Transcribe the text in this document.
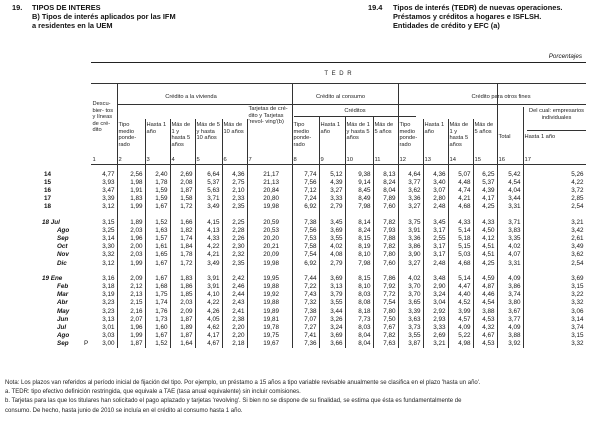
19. TIPOS DE INTERES
B) Tipos de interés aplicados por las IFM
a residentes en la UEM
19.4 Tipos de interés (TEDR) de nuevas operaciones.
Préstamos y créditos a hogares e ISFLSH.
Entidades de crédito y EFC (a)
Porcentajes
T E D R
Crédito a la vivienda	Crédito al consumo	Crédito para otros fines
Créditos	Del cual: empresarios individuales
Descu- bier- tos y líneas de cré- dito
1
Tipo medio ponde- rado
2
Hasta 1 año
3
Más de 1 y hasta 5 años
4
Más de 5 y hasta 10 años
5
Más de 10 años
6
Tarjetas de cré- dito y Tarjetas 'revol- ving'(b)
7
Tipo medio ponde- rado
8
Hasta 1 año
9
Más de 1 y hasta 5 años
10
Más de 5 años
11
Tipo medio ponde- rado
12
Hasta 1 año
13
Más de 1 y hasta 5 años
14
Más de 5 años
15
Total
16
Hasta 1 año
17
14	4,77 2,56 2,40 2,69 6,64 4,36	21,17	7,74 5,12 9,38 8,13 4,64 4,36 5,07 6,25 5,42	5,26
15	3,93 1,98 1,78 2,08 5,37 2,75	21,13	7,56 4,39 9,14 8,24 3,77 3,40 4,48 5,37 4,54	4,22
16	3,47 1,91 1,59 1,87 5,63 2,10	20,84	7,12 3,27 8,45 8,04 3,62 3,07 4,74 4,39 4,04	3,72
17	3,39 1,83 1,59 1,58 3,71 2,33	20,80	7,24 3,33 8,49 7,89 3,36 2,80 4,21 4,17 3,44	2,85
18	3,12 1,99 1,67 1,72 3,49 2,35	19,98	6,92 2,79 7,98 7,60 3,27 2,48 4,68 4,25 3,31	2,54
18 Jul	3,15 1,89 1,52 1,66 4,15 2,25	20,59	7,38 3,45 8,14 7,82 3,75 3,45 4,33 4,33 3,71	3,21
Ago	3,25 2,03 1,63 1,82 4,13 2,28	20,53	7,56 3,69 8,24 7,93 3,91 3,17 5,14 4,50 3,83	3,42
Sep	3,14 1,96 1,57 1,74 4,33 2,26	20,20	7,53 3,55 8,15 7,88 3,36 2,55 5,18 4,12 3,35	2,61
Oct	3,30 2,00 1,61 1,84 4,22 2,30	20,21	7,58 4,02 8,19 7,82 3,86 3,17 5,15 4,51 4,02	3,49
Nov	3,32 2,03 1,65 1,78 4,21 2,32	20,09	7,54 4,08 8,10 7,80 3,90 3,17 5,03 4,51 4,07	3,62
Dic	3,12 1,99 1,67 1,72 3,49 2,35	19,98	6,92 2,79 7,98 7,60 3,27 2,48 4,68 4,25 3,31	2,54
19 Ene	3,16 2,09 1,67 1,83 3,91 2,42	19,95	7,44 3,69 8,15 7,86 4,02 3,48 5,14 4,59 4,09	3,69
Feb	3,18 2,12 1,68 1,86 3,91 2,46	19,88	7,22 3,13 8,10 7,92 3,70 2,90 4,47 4,87 3,86	3,15
Mar	3,19 2,13 1,75 1,85 4,10 2,44	19,92	7,43 3,79 8,03 7,72 3,70 3,24 4,40 4,46 3,74	3,22
Abr	3,23 2,15 1,74 2,03 4,22 2,43	19,88	7,32 3,55 8,08 7,54 3,65 3,04 4,52 4,54 3,80	3,32
May	3,23 2,16 1,76 2,09 4,26 2,41	19,89	7,38 3,44 8,18 7,80 3,39 2,92 3,99 3,88 3,67	3,06
Jun	3,13 2,07 1,73 1,87 4,05 2,38	19,81	7,07 3,26 7,73 7,50 3,63 2,93 4,57 4,53 3,77	3,14
Jul	3,01 1,96 1,60 1,89 4,62 2,20	19,78	7,27 3,24 8,03 7,67 3,73 3,33 4,09 4,32 4,09	3,74
Ago	3,03 1,99 1,67 1,87 4,17 2,20	19,75	7,41 3,69 8,04 7,82 3,55 2,69 5,22 4,67 3,88	3,15
Sep P 3,00 1,87 1,52 1,64 4,67 2,18	19,67	7,36 3,66 8,04 7,63 3,87 3,21 4,98 4,53 3,92	3,32
Nota: Los plazos van referidos al período inicial de fijación del tipo. Por ejemplo, un préstamo a 15 años a tipo variable revisable anualmente se clasifica en el plazo 'hasta un año'.
a. TEDR: tipo efectivo definición restringida, que equivale a TAE (tasa anual equivalente) sin incluir comisiones.
b. Tarjetas para las que los titulares han solicitado el pago aplazado y tarjetas 'revolving'. Si bien no se dispone de su finalidad, se estima que ésta es fundamentalmente de
consumo. De hecho, hasta junio de 2010 se incluía en el crédito al consumo hasta 1 año.
